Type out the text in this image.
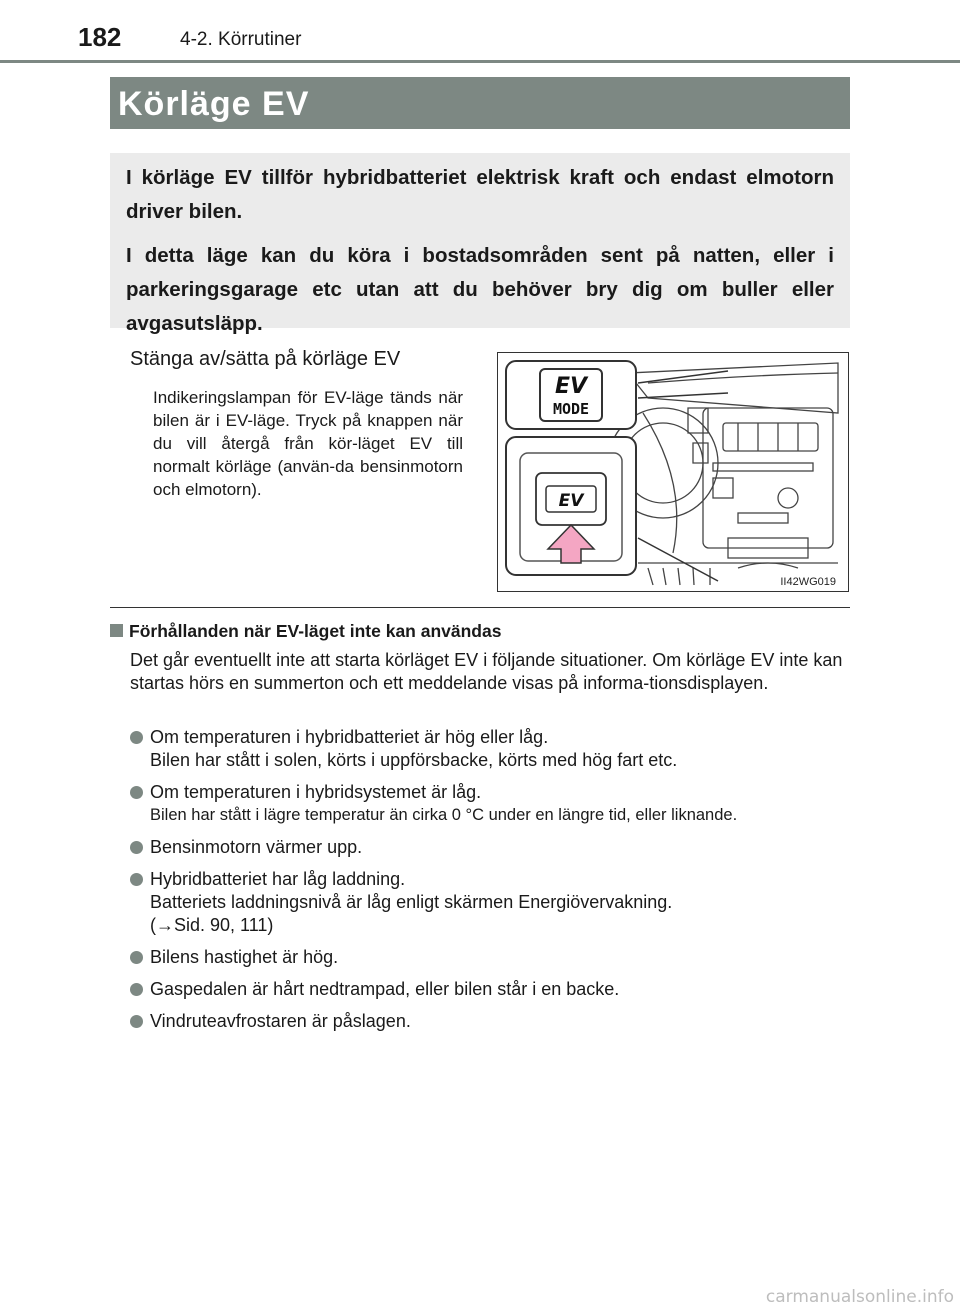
182	4-2. Körrutiner
Körläge EV

I körläge EV tillför hybridbatteriet elektrisk kraft och endast elmotorn driver bilen.

I detta läge kan du köra i bostadsområden sent på natten, eller i parkeringsgarage etc utan att du behöver bry dig om buller eller avgasutsläpp.

Stänga av/sätta på körläge EV
Indikeringslampan för EV-läge tänds när bilen är i EV-läge. Tryck på knappen när du vill återgå från kör-läget EV till normalt körläge (använ-da bensinmotorn och elmotorn).
EV
MODE
EV
II42WG019
Förhållanden när EV-läget inte kan användas
Det går eventuellt inte att starta körläget EV i följande situationer. Om körläge EV inte kan startas hörs en summerton och ett meddelande visas på informa-tionsdisplayen.
Om temperaturen i hybridbatteriet är hög eller låg.
Bilen har stått i solen, körts i uppförsbacke, körts med hög fart etc.
Om temperaturen i hybridsystemet är låg.
Bilen har stått i lägre temperatur än cirka 0 °C under en längre tid, eller liknande.
Bensinmotorn värmer upp.
Hybridbatteriet har låg laddning.
Batteriets laddningsnivå är låg enligt skärmen Energiövervakning.
(→Sid. 90, 111)
Bilens hastighet är hög.
Gaspedalen är hårt nedtrampad, eller bilen står i en backe.
Vindruteavfrostaren är påslagen.
carmanualsonline.info
